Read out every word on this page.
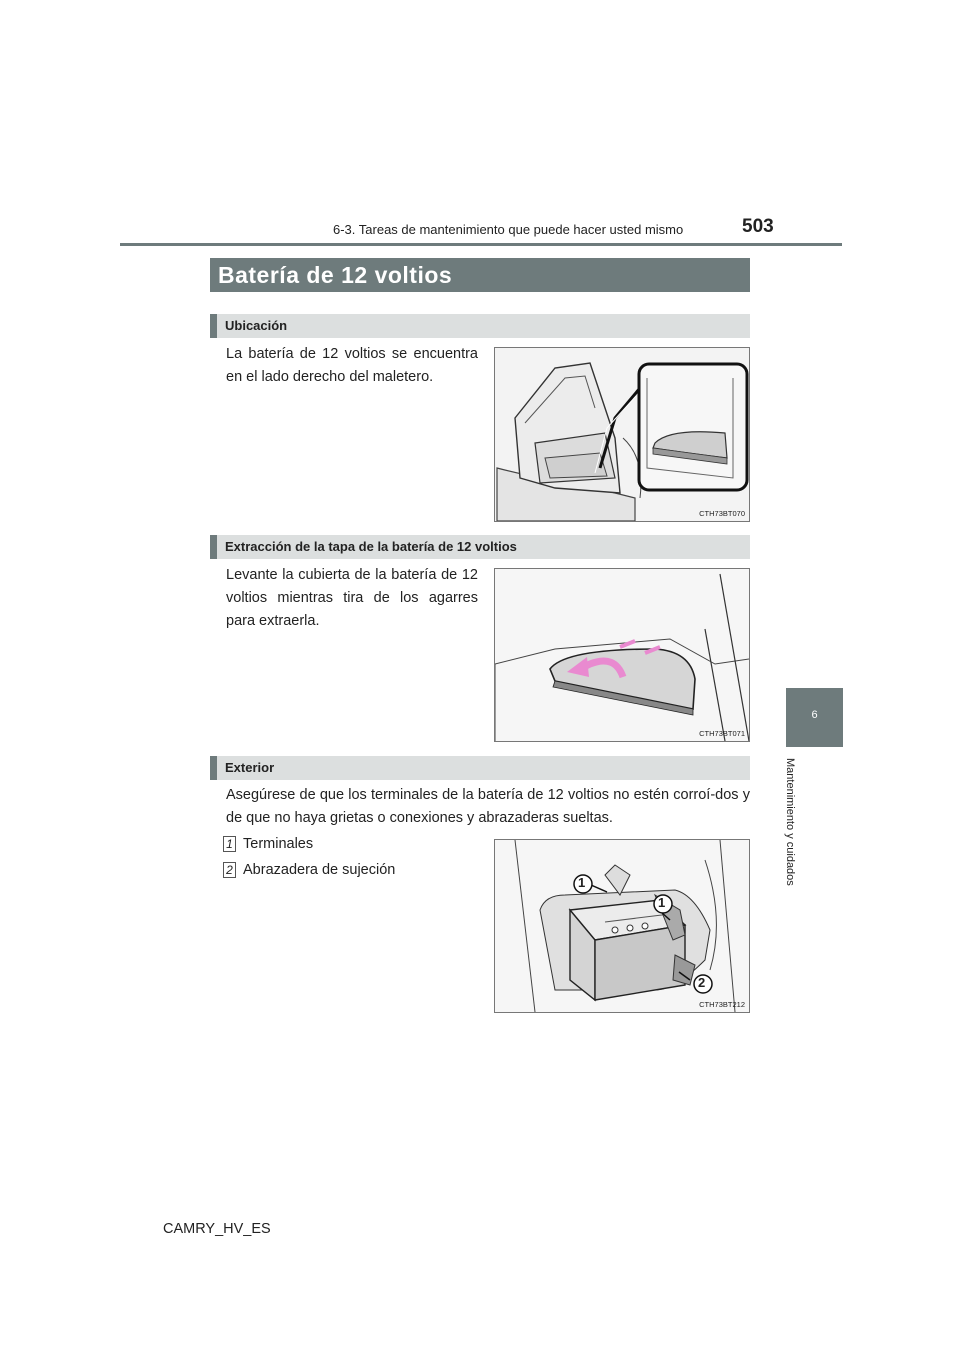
6-3. Tareas de mantenimiento que puede hacer usted mismo	503
6
Mantenimiento y cuidados
Batería de 12 voltios
Ubicación
La batería de 12 voltios se encuentra en el lado derecho del maletero.
CTH73BT070
Extracción de la tapa de la batería de 12 voltios
Levante la cubierta de la batería de 12 voltios mientras tira de los agarres para extraerla.
CTH73BT071
Exterior
Asegúrese de que los terminales de la batería de 12 voltios no estén corroí-dos y de que no haya grietas o conexiones y abrazaderas sueltas.
1 Terminales
2 Abrazadera de sujeción
1
1
2
CTH73BT212
CAMRY_HV_ES
